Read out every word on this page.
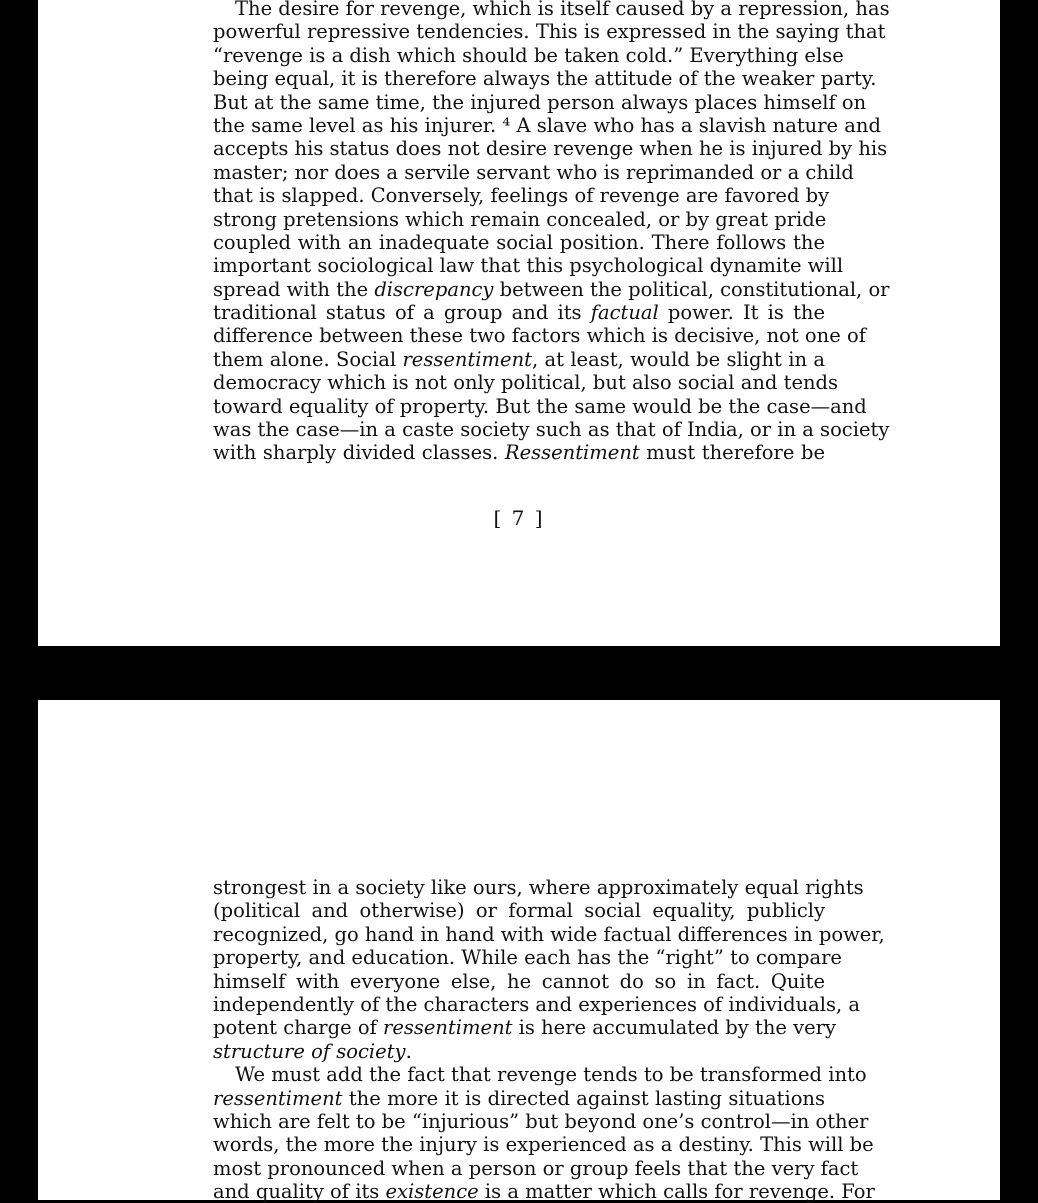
The desire for revenge, which is itself caused by a repression, has
powerful repressive tendencies. This is expressed in the saying that
“revenge is a dish which should be taken cold.” Everything else
being equal, it is therefore always the attitude of the weaker party.
But at the same time, the injured person always places himself on
the same level as his injurer. ⁴ A slave who has a slavish nature and
accepts his status does not desire revenge when he is injured by his
master; nor does a servile servant who is reprimanded or a child
that is slapped. Conversely, feelings of revenge are favored by
strong pretensions which remain concealed, or by great pride
coupled with an inadequate social position. There follows the
important sociological law that this psychological dynamite will
spread with the discrepancy between the political, constitutional, or
traditional status of a group and its factual power. It is the
difference between these two factors which is decisive, not one of
them alone. Social ressentiment, at least, would be slight in a
democracy which is not only political, but also social and tends
toward equality of property. But the same would be the case—and
was the case—in a caste society such as that of India, or in a society
with sharply divided classes. Ressentiment must therefore be
[ 7 ]
strongest in a society like ours, where approximately equal rights
(political and otherwise) or formal social equality, publicly
recognized, go hand in hand with wide factual differences in power,
property, and education. While each has the “right” to compare
himself with everyone else, he cannot do so in fact. Quite
independently of the characters and experiences of individuals, a
potent charge of ressentiment is here accumulated by the very
structure of society.
We must add the fact that revenge tends to be transformed into
ressentiment the more it is directed against lasting situations
which are felt to be “injurious” but beyond one’s control—in other
words, the more the injury is experienced as a destiny. This will be
most pronounced when a person or group feels that the very fact
and quality of its existence is a matter which calls for revenge. For
